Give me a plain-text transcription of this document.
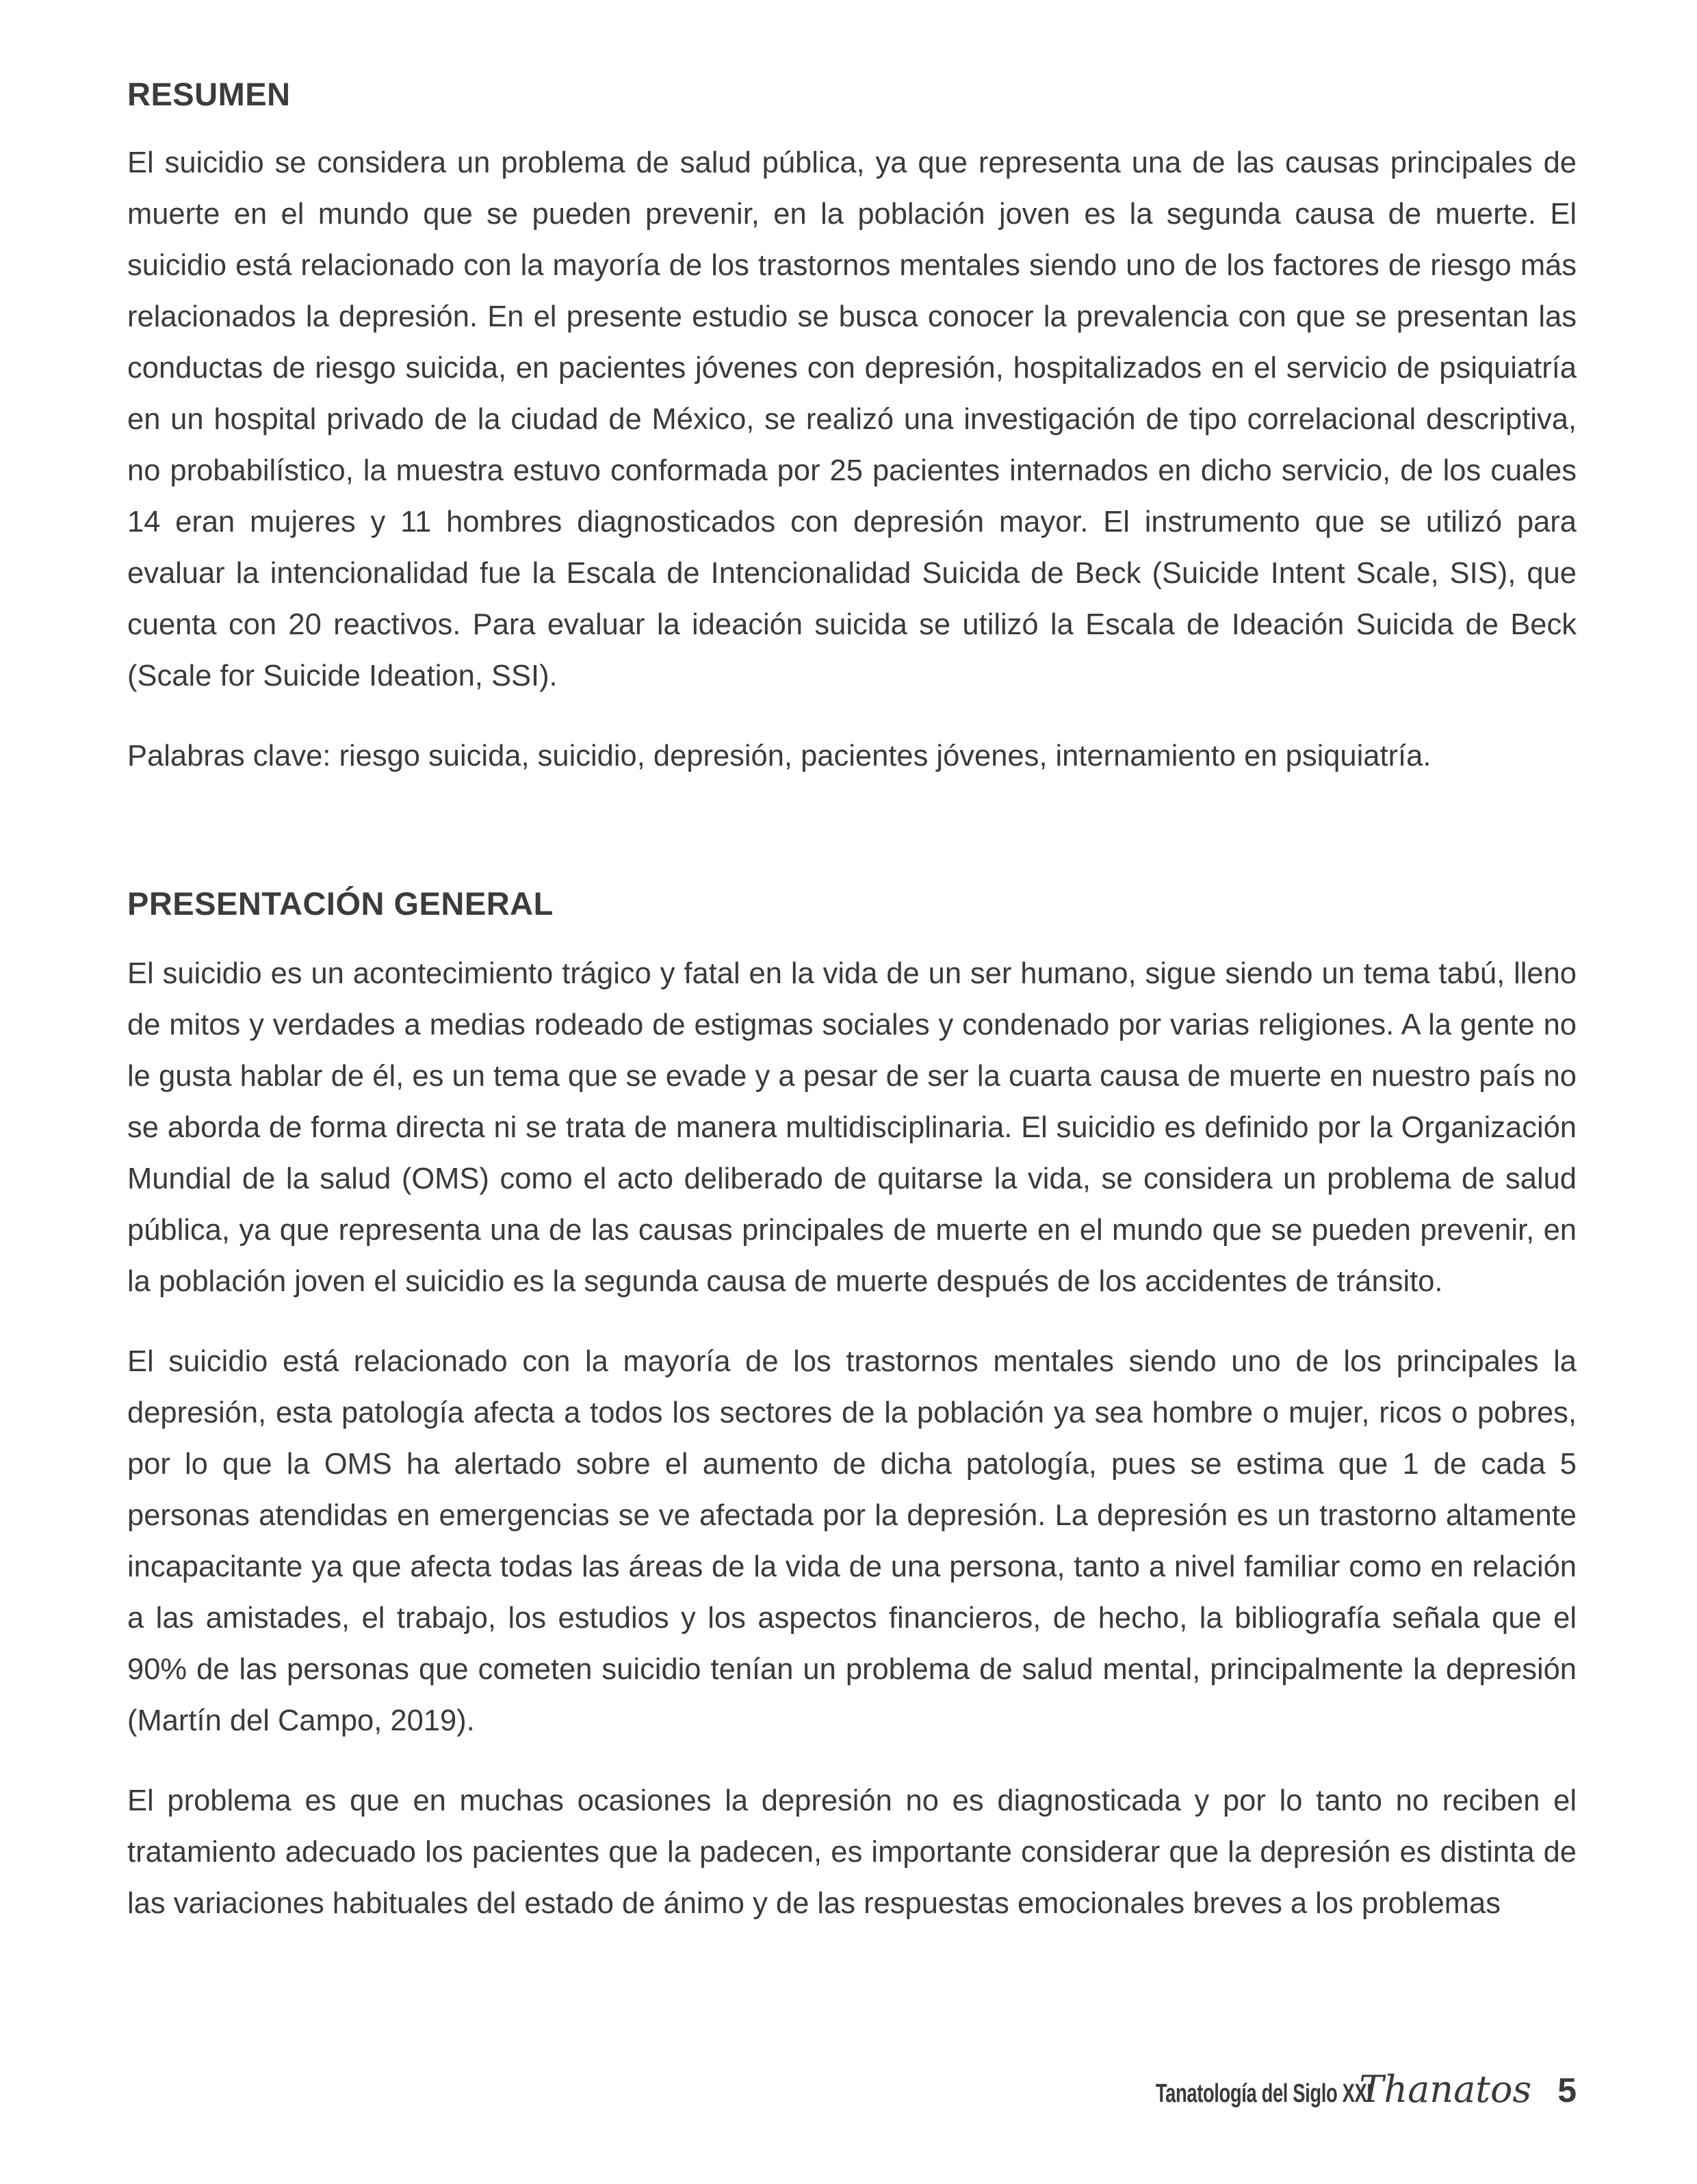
RESUMEN

El suicidio se considera un problema de salud pública, ya que representa una de las causas principales de muerte en el mundo que se pueden prevenir, en la población joven es la segunda causa de muerte. El suicidio está relacionado con la mayoría de los trastornos mentales siendo uno de los factores de riesgo más relacionados la depresión. En el presente estudio se busca conocer la prevalencia con que se presentan las conductas de riesgo suicida, en pacientes jóvenes con depresión, hospitalizados en el servicio de psiquiatría en un hospital privado de la ciudad de México, se realizó una investigación de tipo correlacional descriptiva, no probabilístico, la muestra estuvo conformada por 25 pacientes internados en dicho servicio, de los cuales 14 eran mujeres y 11 hombres diagnosticados con depresión mayor. El instrumento que se utilizó para evaluar la intencionalidad fue la Escala de Intencionalidad Suicida de Beck (Suicide Intent Scale, SIS), que cuenta con 20 reactivos. Para evaluar la ideación suicida se utilizó la Escala de Ideación Suicida de Beck (Scale for Suicide Ideation, SSI).

Palabras clave: riesgo suicida, suicidio, depresión, pacientes jóvenes, internamiento en psiquiatría.

PRESENTACIÓN GENERAL

El suicidio es un acontecimiento trágico y fatal en la vida de un ser humano, sigue siendo un tema tabú, lleno de mitos y verdades a medias rodeado de estigmas sociales y condenado por varias religiones. A la gente no le gusta hablar de él, es un tema que se evade y a pesar de ser la cuarta causa de muerte en nuestro país no se aborda de forma directa ni se trata de manera multidisciplinaria. El suicidio es definido por la Organización Mundial de la salud (OMS) como el acto deliberado de quitarse la vida, se considera un problema de salud pública, ya que representa una de las causas principales de muerte en el mundo que se pueden prevenir, en la población joven el suicidio es la segunda causa de muerte después de los accidentes de tránsito.

El suicidio está relacionado con la mayoría de los trastornos mentales siendo uno de los principales la depresión, esta patología afecta a todos los sectores de la población ya sea hombre o mujer, ricos o pobres, por lo que la OMS ha alertado sobre el aumento de dicha patología, pues se estima que 1 de cada 5 personas atendidas en emergencias se ve afectada por la depresión. La depresión es un trastorno altamente incapacitante ya que afecta todas las áreas de la vida de una persona, tanto a nivel familiar como en relación a las amistades, el trabajo, los estudios y los aspectos financieros, de hecho, la bibliografía señala que el 90% de las personas que cometen suicidio tenían un problema de salud mental, principalmente la depresión (Martín del Campo, 2019).

El problema es que en muchas ocasiones la depresión no es diagnosticada y por lo tanto no reciben el tratamiento adecuado los pacientes que la padecen, es importante considerar que la depresión es distinta de las variaciones habituales del estado de ánimo y de las respuestas emocionales breves a los problemas

Tanatología del Siglo XXI
Thanatos 5
